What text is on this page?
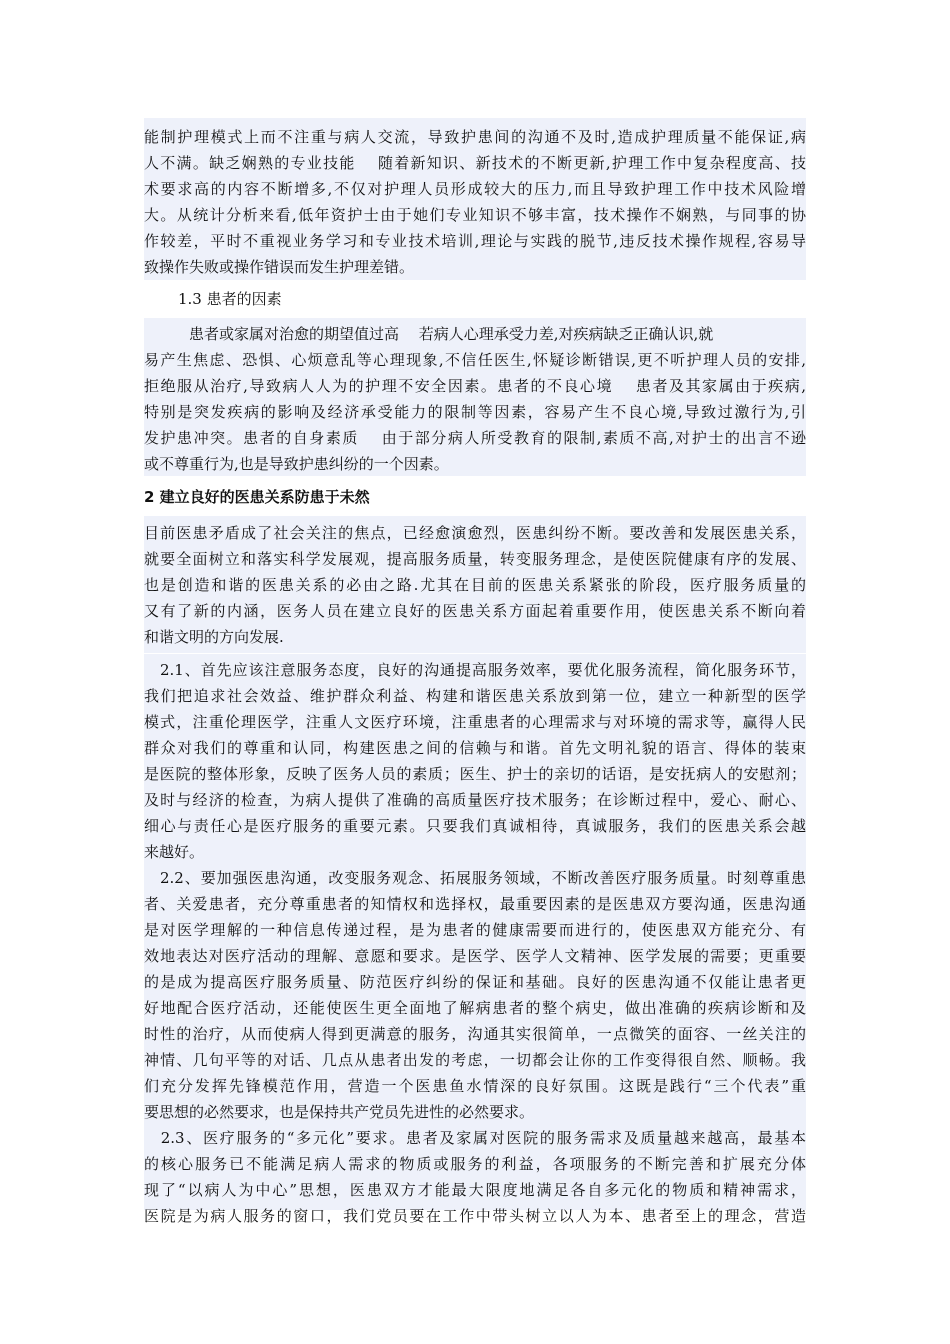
能制护理模式上而不注重与病人交流，导致护患间的沟通不及时,造成护理质量不能保证,病
人不满。缺乏娴熟的专业技能　 随着新知识、新技术的不断更新,护理工作中复杂程度高、技
术要求高的内容不断增多,不仅对护理人员形成较大的压力,而且导致护理工作中技术风险增
大。从统计分析来看,低年资护士由于她们专业知识不够丰富，技术操作不娴熟，与同事的协
作较差，平时不重视业务学习和专业技术培训,理论与实践的脱节,违反技术操作规程,容易导
致操作失败或操作错误而发生护理差错。
1.3 患者的因素
　　　患者或家属对治愈的期望值过高　 若病人心理承受力差,对疾病缺乏正确认识,就
易产生焦虑、恐惧、心烦意乱等心理现象,不信任医生,怀疑诊断错误,更不听护理人员的安排,
拒绝服从治疗,导致病人人为的护理不安全因素。患者的不良心境　 患者及其家属由于疾病,
特别是突发疾病的影响及经济承受能力的限制等因素，容易产生不良心境,导致过激行为,引
发护患冲突。患者的自身素质　 由于部分病人所受教育的限制,素质不高,对护士的出言不逊
或不尊重行为,也是导致护患纠纷的一个因素。
2 建立良好的医患关系防患于未然
目前医患矛盾成了社会关注的焦点，已经愈演愈烈，医患纠纷不断。要改善和发展医患关系，
就要全面树立和落实科学发展观，提高服务质量，转变服务理念，是使医院健康有序的发展、
也是创造和谐的医患关系的必由之路.尤其在目前的医患关系紧张的阶段，医疗服务质量的
又有了新的内涵，医务人员在建立良好的医患关系方面起着重要作用，使医患关系不断向着
和谐文明的方向发展.
　2.1、首先应该注意服务态度，良好的沟通提高服务效率，要优化服务流程，简化服务环节，
我们把追求社会效益、维护群众利益、构建和谐医患关系放到第一位，建立一种新型的医学
模式，注重伦理医学，注重人文医疗环境，注重患者的心理需求与对环境的需求等，赢得人民
群众对我们的尊重和认同，构建医患之间的信赖与和谐。首先文明礼貌的语言、得体的装束
是医院的整体形象，反映了医务人员的素质；医生、护士的亲切的话语，是安抚病人的安慰剂；
及时与经济的检查，为病人提供了准确的高质量医疗技术服务；在诊断过程中，爱心、耐心、
细心与责任心是医疗服务的重要元素。只要我们真诚相待，真诚服务，我们的医患关系会越
来越好。
　2.2、要加强医患沟通，改变服务观念、拓展服务领域，不断改善医疗服务质量。时刻尊重患
者、关爱患者，充分尊重患者的知情权和选择权，最重要因素的是医患双方要沟通，医患沟通
是对医学理解的一种信息传递过程，是为患者的健康需要而进行的，使医患双方能充分、有
效地表达对医疗活动的理解、意愿和要求。是医学、医学人文精神、医学发展的需要；更重要
的是成为提高医疗服务质量、防范医疗纠纷的保证和基础。良好的医患沟通不仅能让患者更
好地配合医疗活动，还能使医生更全面地了解病患者的整个病史，做出准确的疾病诊断和及
时性的治疗，从而使病人得到更满意的服务，沟通其实很简单，一点微笑的面容、一丝关注的
神情、几句平等的对话、几点从患者出发的考虑，一切都会让你的工作变得很自然、顺畅。我
们充分发挥先锋模范作用，营造一个医患鱼水情深的良好氛围。这既是践行“三个代表”重
要思想的必然要求，也是保持共产党员先进性的必然要求。
　2.3、医疗服务的“多元化”要求。患者及家属对医院的服务需求及质量越来越高，最基本
的核心服务已不能满足病人需求的物质或服务的利益，各项服务的不断完善和扩展充分体
现了“以病人为中心”思想，医患双方才能最大限度地满足各自多元化的物质和精神需求，
医院是为病人服务的窗口，我们党员要在工作中带头树立以人为本、患者至上的理念，营造
